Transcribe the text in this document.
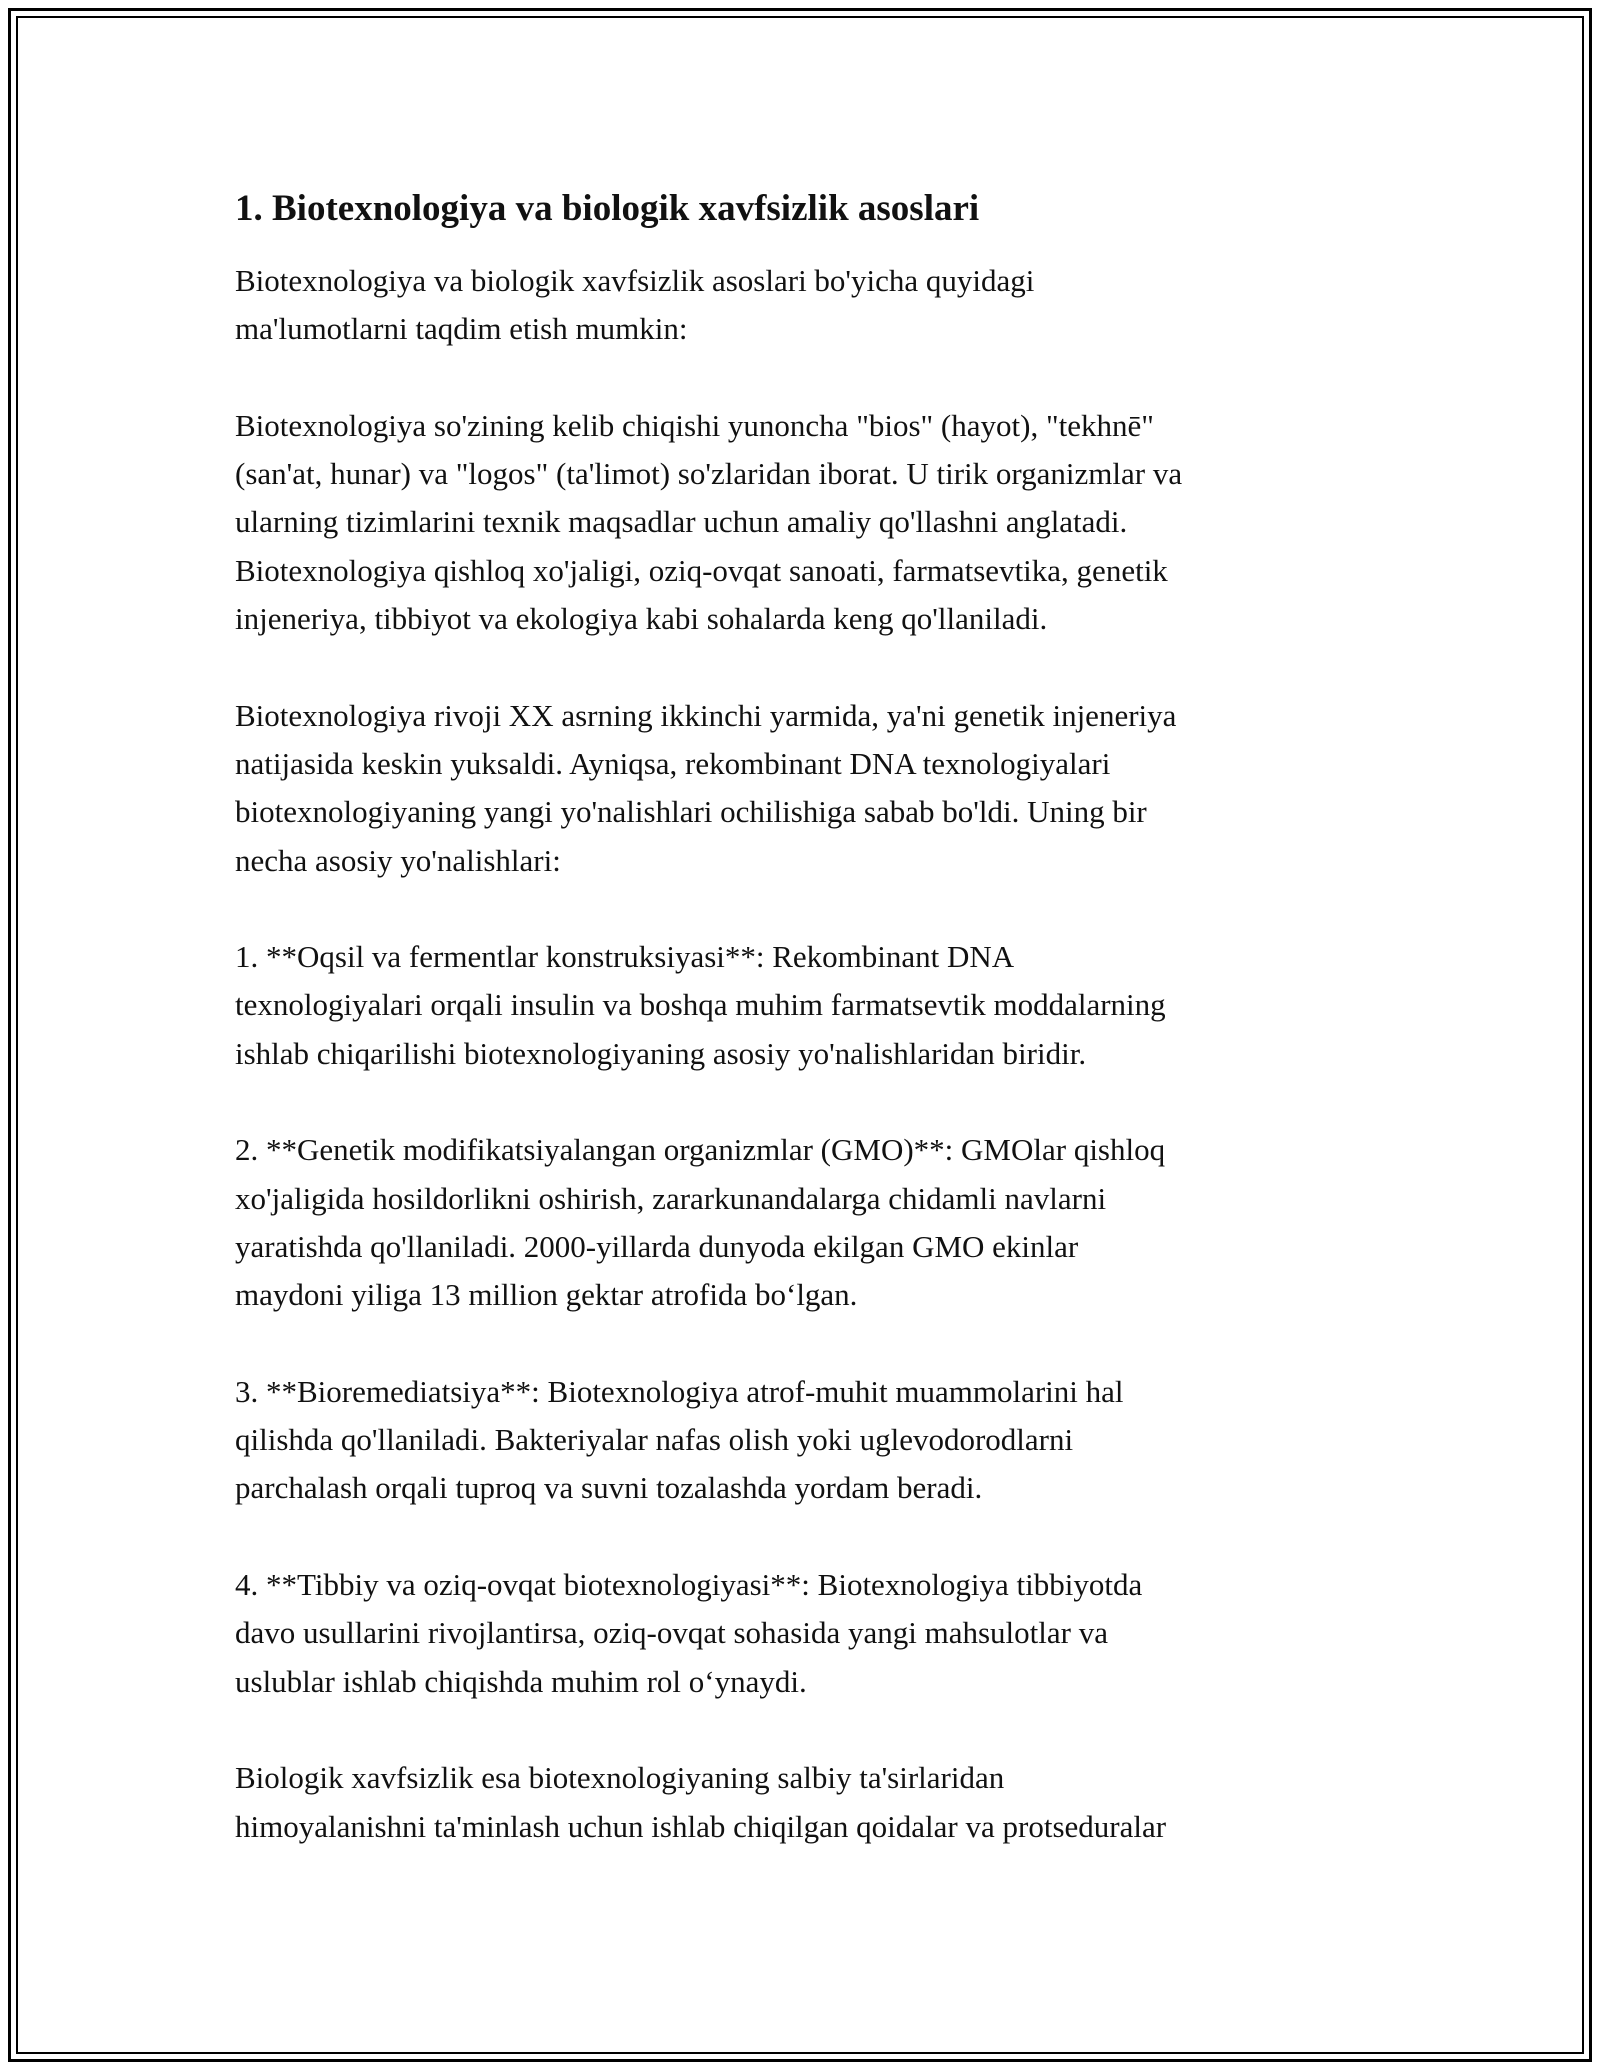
1. Biotexnologiya va biologik xavfsizlik asoslari

Biotexnologiya va biologik xavfsizlik asoslari bo'yicha quyidagi
ma'lumotlarni taqdim etish mumkin:

Biotexnologiya so'zining kelib chiqishi yunoncha "bios" (hayot), "tekhnē"
(san'at, hunar) va "logos" (ta'limot) so'zlaridan iborat. U tirik organizmlar va
ularning tizimlarini texnik maqsadlar uchun amaliy qo'llashni anglatadi.
Biotexnologiya qishloq xo'jaligi, oziq-ovqat sanoati, farmatsevtika, genetik
injeneriya, tibbiyot va ekologiya kabi sohalarda keng qo'llaniladi.

Biotexnologiya rivoji XX asrning ikkinchi yarmida, ya'ni genetik injeneriya
natijasida keskin yuksaldi. Ayniqsa, rekombinant DNA texnologiyalari
biotexnologiyaning yangi yo'nalishlari ochilishiga sabab bo'ldi. Uning bir
necha asosiy yo'nalishlari:

1. **Oqsil va fermentlar konstruksiyasi**: Rekombinant DNA
texnologiyalari orqali insulin va boshqa muhim farmatsevtik moddalarning
ishlab chiqarilishi biotexnologiyaning asosiy yo'nalishlaridan biridir.

2. **Genetik modifikatsiyalangan organizmlar (GMO)**: GMOlar qishloq
xo'jaligida hosildorlikni oshirish, zararkunandalarga chidamli navlarni
yaratishda qo'llaniladi. 2000-yillarda dunyoda ekilgan GMO ekinlar
maydoni yiliga 13 million gektar atrofida bo‘lgan.

3. **Bioremediatsiya**: Biotexnologiya atrof-muhit muammolarini hal
qilishda qo'llaniladi. Bakteriyalar nafas olish yoki uglevodorodlarni
parchalash orqali tuproq va suvni tozalashda yordam beradi.

4. **Tibbiy va oziq-ovqat biotexnologiyasi**: Biotexnologiya tibbiyotda
davo usullarini rivojlantirsa, oziq-ovqat sohasida yangi mahsulotlar va
uslublar ishlab chiqishda muhim rol o‘ynaydi.

Biologik xavfsizlik esa biotexnologiyaning salbiy ta'sirlaridan
himoyalanishni ta'minlash uchun ishlab chiqilgan qoidalar va protseduralar
